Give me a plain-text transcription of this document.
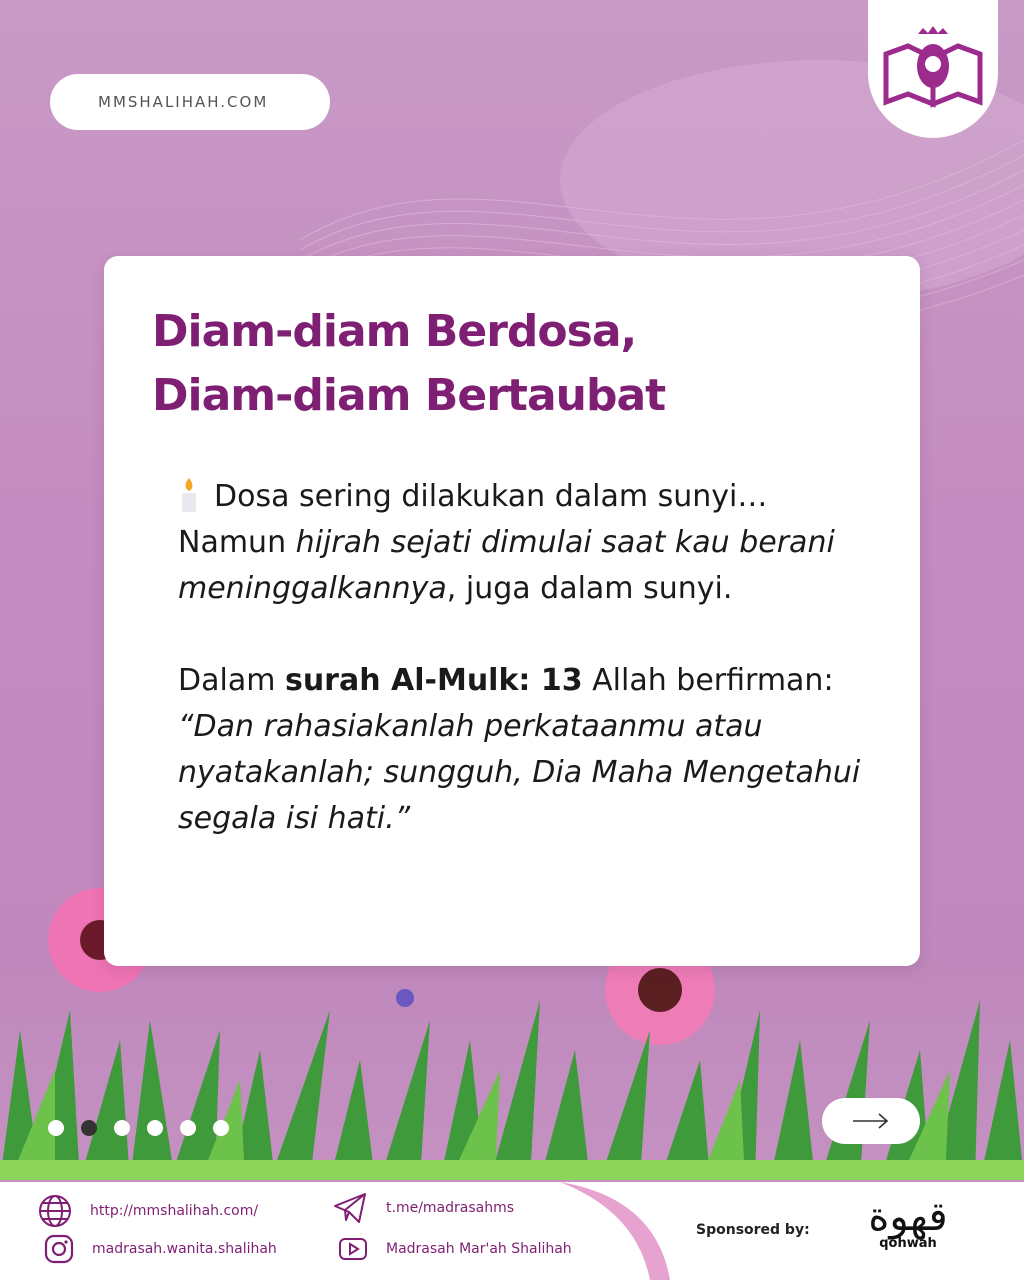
MMSHALIHAH.COM
Diam-diam Berdosa,
Diam-diam Bertaubat

Dosa sering dilakukan dalam sunyi…
Namun hijrah sejati dimulai saat kau berani meninggalkannya, juga dalam sunyi.

Dalam surah Al-Mulk: 13 Allah berfirman:
“Dan rahasiakanlah perkataanmu atau nyatakanlah; sungguh, Dia Maha Mengetahui segala isi hati.”

http://mmshalihah.com/
madrasah.wanita.shalihah
t.me/madrasahms
Madrasah Mar'ah Shalihah
Sponsored by:	قهوة
qohwāh
